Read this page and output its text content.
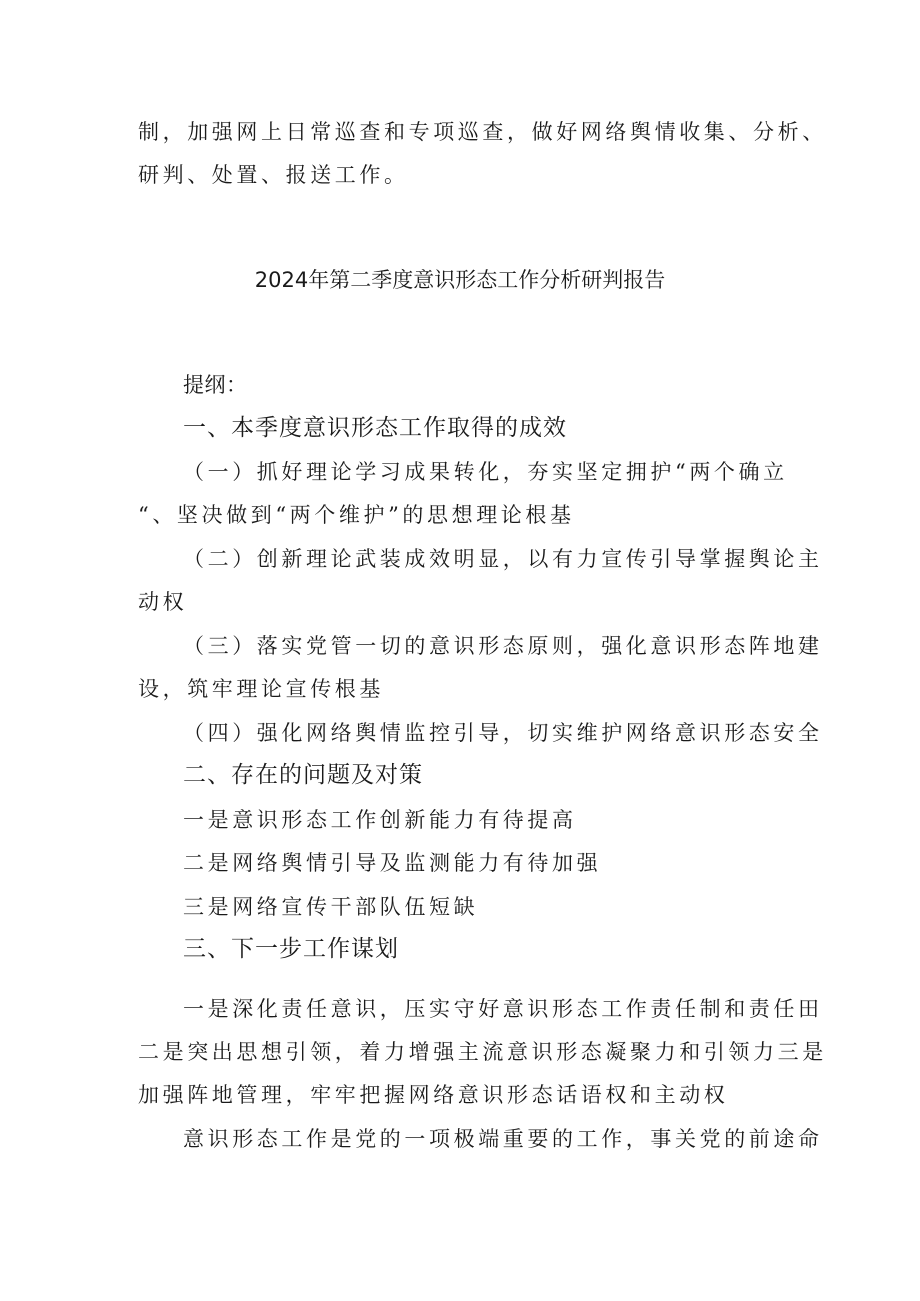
制，加强网上日常巡查和专项巡查，做好网络舆情收集、分析、
研判、处置、报送工作。
2024年第二季度意识形态工作分析研判报告
提纲：
一、本季度意识形态工作取得的成效
（一）抓好理论学习成果转化，夯实坚定拥护“两个确立
“、坚决做到“两个维护”的思想理论根基
（二）创新理论武装成效明显，以有力宣传引导掌握舆论主
动权
（三）落实党管一切的意识形态原则，强化意识形态阵地建
设，筑牢理论宣传根基
（四）强化网络舆情监控引导，切实维护网络意识形态安全
二、存在的问题及对策
一是意识形态工作创新能力有待提高
二是网络舆情引导及监测能力有待加强
三是网络宣传干部队伍短缺
三、下一步工作谋划
一是深化责任意识，压实守好意识形态工作责任制和责任田
二是突出思想引领，着力增强主流意识形态凝聚力和引领力三是
加强阵地管理，牢牢把握网络意识形态话语权和主动权
意识形态工作是党的一项极端重要的工作，事关党的前途命
